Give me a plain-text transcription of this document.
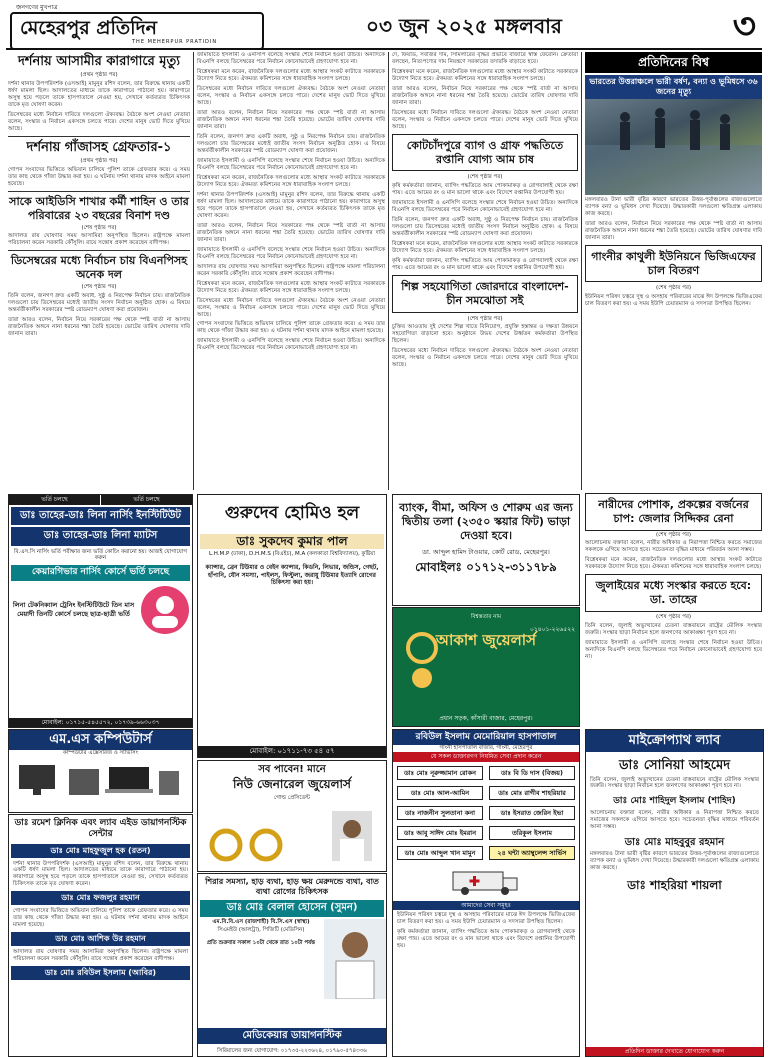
জনগণের মুখপাত্র
মেহেরপুর প্রতিদিন
THE MEHERPUR PRATIDIN
০৩ জুন ২০২৫ মঙ্গলবার	৩
দর্শনায় আসামীর কারাগারে মৃত্যু
(প্রথম পৃষ্ঠার পর)

দর্শনা থানার উপপরিদর্শক (এসআই) মামুনুর রশিদ বলেন, তার বিরুদ্ধে থানায় একটি ধর্ষণ মামলা ছিল। আদালতের মাধ্যমে তাকে কারাগারে পাঠানো হয়। কারাগারে অসুস্থ হয়ে পড়লে তাকে হাসপাতালে নেওয়া হয়, সেখানে কর্তব্যরত চিকিৎসক তাকে মৃত ঘোষণা করেন।

ডিসেম্বরের মধ্যে নির্বাচন দাবিতে দলগুলো ঐক্যবদ্ধ। বৈঠকে অংশ নেওয়া নেতারা বলেন, সংস্কার ও নির্বাচন একসঙ্গে চলতে পারে। দেশের মানুষ ভোট দিতে মুখিয়ে আছে।

দর্শনায় গাঁজাসহ গ্রেফতার-১
(প্রথম পৃষ্ঠার পর)

গোপন সংবাদের ভিত্তিতে অভিযান চালিয়ে পুলিশ তাকে গ্রেফতার করে। এ সময় তার কাছ থেকে গাঁজা উদ্ধার করা হয়। এ ঘটনায় দর্শনা থানায় মাদক আইনে মামলা হয়েছে।

সাকে আইডিসি শাখার কর্মী শাহিন ও তার পরিবারের ২৩ বছরের বিনাশ দণ্ড
(শেষ পৃষ্ঠার পর)

আদালত রায় ঘোষণার সময় আসামিরা অনুপস্থিত ছিলেন। রাষ্ট্রপক্ষে মামলা পরিচালনা করেন সরকারি কৌঁসুলি। রায়ে সন্তোষ প্রকাশ করেছেন বাদীপক্ষ।

ডিসেম্বরের মধ্যে নির্বাচন চায় বিএনপিসহ অনেক দল
(শেষ পৃষ্ঠার পর)

তিনি বলেন, জনগণ দ্রুত একটি অবাধ, সুষ্ঠু ও নিরপেক্ষ নির্বাচন চায়। রাজনৈতিক দলগুলো চায় ডিসেম্বরের মধ্যেই জাতীয় সংসদ নির্বাচন অনুষ্ঠিত হোক। এ বিষয়ে অন্তর্বর্তীকালীন সরকারের স্পষ্ট রোডম্যাপ ঘোষণা করা প্রয়োজন।

তারা আরও বলেন, নির্বাচন নিয়ে সরকারের পক্ষ থেকে স্পষ্ট বার্তা না আসায় রাজনৈতিক অঙ্গনে নানা ধরনের শঙ্কা তৈরি হয়েছে। ভোটের তারিখ ঘোষণার দাবি জানান তারা।

জামায়াতে ইসলামী ও এনসিপি বলেছে সংস্কার শেষে নির্বাচন হওয়া উচিত। অন্যদিকে বিএনপি বলছে ডিসেম্বরের পরে নির্বাচন কোনোভাবেই গ্রহণযোগ্য হবে না।

বিশ্লেষকরা মনে করেন, রাজনৈতিক দলগুলোর মধ্যে আস্থার সংকট কাটাতে সরকারকে উদ্যোগ নিতে হবে। ঐকমত্য কমিশনের সঙ্গে ধারাবাহিক সংলাপ চলছে।

ডিসেম্বরের মধ্যে নির্বাচন দাবিতে দলগুলো ঐক্যবদ্ধ। বৈঠকে অংশ নেওয়া নেতারা বলেন, সংস্কার ও নির্বাচন একসঙ্গে চলতে পারে। দেশের মানুষ ভোট দিতে মুখিয়ে আছে।

তারা আরও বলেন, নির্বাচন নিয়ে সরকারের পক্ষ থেকে স্পষ্ট বার্তা না আসায় রাজনৈতিক অঙ্গনে নানা ধরনের শঙ্কা তৈরি হয়েছে। ভোটের তারিখ ঘোষণার দাবি জানান তারা।

তিনি বলেন, জনগণ দ্রুত একটি অবাধ, সুষ্ঠু ও নিরপেক্ষ নির্বাচন চায়। রাজনৈতিক দলগুলো চায় ডিসেম্বরের মধ্যেই জাতীয় সংসদ নির্বাচন অনুষ্ঠিত হোক। এ বিষয়ে অন্তর্বর্তীকালীন সরকারের স্পষ্ট রোডম্যাপ ঘোষণা করা প্রয়োজন।

জামায়াতে ইসলামী ও এনসিপি বলেছে সংস্কার শেষে নির্বাচন হওয়া উচিত। অন্যদিকে বিএনপি বলছে ডিসেম্বরের পরে নির্বাচন কোনোভাবেই গ্রহণযোগ্য হবে না।

বিশ্লেষকরা মনে করেন, রাজনৈতিক দলগুলোর মধ্যে আস্থার সংকট কাটাতে সরকারকে উদ্যোগ নিতে হবে। ঐকমত্য কমিশনের সঙ্গে ধারাবাহিক সংলাপ চলছে।

দর্শনা থানার উপপরিদর্শক (এসআই) মামুনুর রশিদ বলেন, তার বিরুদ্ধে থানায় একটি ধর্ষণ মামলা ছিল। আদালতের মাধ্যমে তাকে কারাগারে পাঠানো হয়। কারাগারে অসুস্থ হয়ে পড়লে তাকে হাসপাতালে নেওয়া হয়, সেখানে কর্তব্যরত চিকিৎসক তাকে মৃত ঘোষণা করেন।

তারা আরও বলেন, নির্বাচন নিয়ে সরকারের পক্ষ থেকে স্পষ্ট বার্তা না আসায় রাজনৈতিক অঙ্গনে নানা ধরনের শঙ্কা তৈরি হয়েছে। ভোটের তারিখ ঘোষণার দাবি জানান তারা।

জামায়াতে ইসলামী ও এনসিপি বলেছে সংস্কার শেষে নির্বাচন হওয়া উচিত। অন্যদিকে বিএনপি বলছে ডিসেম্বরের পরে নির্বাচন কোনোভাবেই গ্রহণযোগ্য হবে না।

আদালত রায় ঘোষণার সময় আসামিরা অনুপস্থিত ছিলেন। রাষ্ট্রপক্ষে মামলা পরিচালনা করেন সরকারি কৌঁসুলি। রায়ে সন্তোষ প্রকাশ করেছেন বাদীপক্ষ।

বিশ্লেষকরা মনে করেন, রাজনৈতিক দলগুলোর মধ্যে আস্থার সংকট কাটাতে সরকারকে উদ্যোগ নিতে হবে। ঐকমত্য কমিশনের সঙ্গে ধারাবাহিক সংলাপ চলছে।

ডিসেম্বরের মধ্যে নির্বাচন দাবিতে দলগুলো ঐক্যবদ্ধ। বৈঠকে অংশ নেওয়া নেতারা বলেন, সংস্কার ও নির্বাচন একসঙ্গে চলতে পারে। দেশের মানুষ ভোট দিতে মুখিয়ে আছে।

গোপন সংবাদের ভিত্তিতে অভিযান চালিয়ে পুলিশ তাকে গ্রেফতার করে। এ সময় তার কাছ থেকে গাঁজা উদ্ধার করা হয়। এ ঘটনায় দর্শনা থানায় মাদক আইনে মামলা হয়েছে।

জামায়াতে ইসলামী ও এনসিপি বলেছে সংস্কার শেষে নির্বাচন হওয়া উচিত। অন্যদিকে বিএনপি বলছে ডিসেম্বরের পরে নির্বাচন কোনোভাবেই গ্রহণযোগ্য হবে না।

দে, ফিয়াড, সবজির দাম, সিমিলারের বৃদ্ধির প্রভাবে বাজারে স্বস্তি ফেরেনি। ক্রেতারা বলছেন, নিত্যপণ্যের দাম নিয়ন্ত্রণে সরকারের তদারকি বাড়াতে হবে।

বিশ্লেষকরা মনে করেন, রাজনৈতিক দলগুলোর মধ্যে আস্থার সংকট কাটাতে সরকারকে উদ্যোগ নিতে হবে। ঐকমত্য কমিশনের সঙ্গে ধারাবাহিক সংলাপ চলছে।

তারা আরও বলেন, নির্বাচন নিয়ে সরকারের পক্ষ থেকে স্পষ্ট বার্তা না আসায় রাজনৈতিক অঙ্গনে নানা ধরনের শঙ্কা তৈরি হয়েছে। ভোটের তারিখ ঘোষণার দাবি জানান তারা।

ডিসেম্বরের মধ্যে নির্বাচন দাবিতে দলগুলো ঐক্যবদ্ধ। বৈঠকে অংশ নেওয়া নেতারা বলেন, সংস্কার ও নির্বাচন একসঙ্গে চলতে পারে। দেশের মানুষ ভোট দিতে মুখিয়ে আছে।

কোটচাঁদপুরে ব্যাগ ও গ্রাফ পদ্ধতিতে রপ্তানি যোগ্য আম চাষ
(শেষ পৃষ্ঠার পর)

কৃষি কর্মকর্তারা জানান, ব্যাগিং পদ্ধতিতে আম পোকামাকড় ও রোগবালাই থেকে রক্ষা পায়। এতে আমের রং ও মান ভালো থাকে এবং বিদেশে রপ্তানির উপযোগী হয়।

জামায়াতে ইসলামী ও এনসিপি বলেছে সংস্কার শেষে নির্বাচন হওয়া উচিত। অন্যদিকে বিএনপি বলছে ডিসেম্বরের পরে নির্বাচন কোনোভাবেই গ্রহণযোগ্য হবে না।

তিনি বলেন, জনগণ দ্রুত একটি অবাধ, সুষ্ঠু ও নিরপেক্ষ নির্বাচন চায়। রাজনৈতিক দলগুলো চায় ডিসেম্বরের মধ্যেই জাতীয় সংসদ নির্বাচন অনুষ্ঠিত হোক। এ বিষয়ে অন্তর্বর্তীকালীন সরকারের স্পষ্ট রোডম্যাপ ঘোষণা করা প্রয়োজন।

বিশ্লেষকরা মনে করেন, রাজনৈতিক দলগুলোর মধ্যে আস্থার সংকট কাটাতে সরকারকে উদ্যোগ নিতে হবে। ঐকমত্য কমিশনের সঙ্গে ধারাবাহিক সংলাপ চলছে।

কৃষি কর্মকর্তারা জানান, ব্যাগিং পদ্ধতিতে আম পোকামাকড় ও রোগবালাই থেকে রক্ষা পায়। এতে আমের রং ও মান ভালো থাকে এবং বিদেশে রপ্তানির উপযোগী হয়।

শিল্প সহযোগিতা জোরদারে বাংলাদেশ-চীন সমঝোতা সই
(শেষ পৃষ্ঠার পর)

চুক্তির আওতায় দুই দেশের শিল্প খাতে বিনিয়োগ, প্রযুক্তি হস্তান্তর ও দক্ষতা উন্নয়নে সহযোগিতা বাড়ানো হবে। অনুষ্ঠানে উভয় দেশের উর্ধ্বতন কর্মকর্তারা উপস্থিত ছিলেন।

ডিসেম্বরের মধ্যে নির্বাচন দাবিতে দলগুলো ঐক্যবদ্ধ। বৈঠকে অংশ নেওয়া নেতারা বলেন, সংস্কার ও নির্বাচন একসঙ্গে চলতে পারে। দেশের মানুষ ভোট দিতে মুখিয়ে আছে।

প্রতিদিনের বিশ্ব
ভারতের উত্তরাঞ্চলে ভারী বর্ষণ, বন্যা ও ভূমিধসে ৩৬ জনের মৃত্যু

মঙ্গলবারও টানা ভারী বৃষ্টির কারণে ভারতের উত্তর-পূর্বাঞ্চলের রাজ্যগুলোতে ব্যাপক বন্যা ও ভূমিধস দেখা দিয়েছে। উদ্ধারকারী দলগুলো ক্ষতিগ্রস্ত এলাকায় কাজ করছে।

তারা আরও বলেন, নির্বাচন নিয়ে সরকারের পক্ষ থেকে স্পষ্ট বার্তা না আসায় রাজনৈতিক অঙ্গনে নানা ধরনের শঙ্কা তৈরি হয়েছে। ভোটের তারিখ ঘোষণার দাবি জানান তারা।

গাংনীর কাথুলী ইউনিয়নে ভিজিএফের চাল বিতরণ
(শেষ পৃষ্ঠার পর)

ইউনিয়ন পরিষদ চত্বরে দুস্থ ও অসহায় পরিবারের মাঝে ঈদ উপলক্ষে ভিজিএফের চাল বিতরণ করা হয়। এ সময় ইউপি চেয়ারম্যান ও সদস্যরা উপস্থিত ছিলেন।

নারীদের পোশাক, প্রকল্পের বর্জনের চাপ: জেলার সিদ্দিকর রেনা
(শেষ পৃষ্ঠার পর)

আলোচনায় বক্তারা বলেন, নারীর অধিকার ও নিরাপত্তা নিশ্চিত করতে সমাজের সকলকে এগিয়ে আসতে হবে। সচেতনতা বৃদ্ধির মাধ্যমে পরিবর্তন আনা সম্ভব।

বিশ্লেষকরা মনে করেন, রাজনৈতিক দলগুলোর মধ্যে আস্থার সংকট কাটাতে সরকারকে উদ্যোগ নিতে হবে। ঐকমত্য কমিশনের সঙ্গে ধারাবাহিক সংলাপ চলছে।

জুলাইয়ের মধ্যে সংস্কার করতে হবে: ডা. তাহের
(শেষ পৃষ্ঠার পর)

তিনি বলেন, জুলাই অভ্যুত্থানের চেতনা বাস্তবায়নে রাষ্ট্রের মৌলিক সংস্কার জরুরি। সংস্কার ছাড়া নির্বাচন হলে জনগণের আকাঙ্ক্ষা পূরণ হবে না।

জামায়াতে ইসলামী ও এনসিপি বলেছে সংস্কার শেষে নির্বাচন হওয়া উচিত। অন্যদিকে বিএনপি বলছে ডিসেম্বরের পরে নির্বাচন কোনোভাবেই গ্রহণযোগ্য হবে না।

ভর্তি চলছে	ভর্তি চলছে
ডাঃ তাহের-ডাঃ লিনা নার্সিং ইনস্টিটিউট
ডাঃ তাহের-ডাঃ লিনা ম্যাটস
বি.এস.সি নার্সিং ভর্তি পরীক্ষার জন্য ভর্তি কোচিং করানো হয়। আজই যোগাযোগ করুন
কেয়ারগিভার নার্সিং কোর্সে ভর্তি চলছে
লিনা টেকনিক্যাল ট্রেনিং ইনস্টিটিউটে তিন মাস মেয়াদী তিনটি কোর্সে চলছে ছাত্র-ছাত্রী ভর্তি
মোবাইল: ০১৭১৫-৫৪৫৫৭২, ০১৭৩৯-৬৬৩০৩৭
গুরুদেব হোমিও হল
ডাঃ সুকদেব কুমার পাল
L.H.M.P (ঢাকা), D.H.M.S (বিএইচ), M.A (কলকাতা বিশ্ববিদ্যালয়), কুষ্টিয়া
ক্যান্সার, ব্রেন টিউমার ও বেইন ক্যান্সার, কিডনি, লিভার, জন্ডিস, গেছট, হাঁপানি, যৌন সমস্যা, পাইলস, ফিস্টুলা, জরায়ু টিউমার ইত্যাদি রোগের চিকিৎসা করা হয়।
মোবাইল: ০১৭১১-৭৩ ৫৪ ৫৭
ব্যাংক, বীমা, অফিস ও শোরুম এর জন্য দ্বিতীয় তলা (২৩৫০ স্কয়ার ফিট) ভাড়া দেওয়া হবে।
ডা. আব্দুল হামিদ টাওয়ার, কোর্ট রোড, মেহেরপুর।
মোবাইলঃ ০১৭১২-৩১১৭৮৯
বিশ্বস্ততার নাম
আকাশ জুয়েলার্স
০১৪০১-২২৬৫২২
প্রধান সড়ক, কাঁসারী বাজার, মেহেরপুর।
এম.এস কম্পিউটার্স
কম্পিউটার এক্সেসরিজ ও সার্ভিসিং
সব পাবেন! মানে
নিউ জেনারেল জুয়েলার্স
গোল্ড প্রেসিডেন্ট
রবিউল ইসলাম মেমোরিয়াল হাসপাতাল
গাংনী হাসপাতাল বাজার, গাংনী, মেহেরপুর
যে সকল ডাক্তারগণ নিয়মিত সেবা প্রদান করেন
ডাঃ মোঃ নূরুজ্জামান রোকন	ডাঃ বি ডি দাস (বিজয়)
ডাঃ মোঃ আল-আমিন	ডাঃ মোঃ রাগীব শাহরিয়ার
ডাঃ নাজনীন সুলতানা কনা	ডাঃ ইসরাত জেরিন ইভা
ডাঃ আবু সাঈদ মোঃ ইমরান	তরিকুল ইসলাম
ডাঃ মোঃ আব্দুল খান মামুন	২৪ ঘন্টা অ্যাম্বুলেন্স সার্ভিস
আমাদের সেবা সমূহঃ

ইউনিয়ন পরিষদ চত্বরে দুস্থ ও অসহায় পরিবারের মাঝে ঈদ উপলক্ষে ভিজিএফের চাল বিতরণ করা হয়। এ সময় ইউপি চেয়ারম্যান ও সদস্যরা উপস্থিত ছিলেন।

কৃষি কর্মকর্তারা জানান, ব্যাগিং পদ্ধতিতে আম পোকামাকড় ও রোগবালাই থেকে রক্ষা পায়। এতে আমের রং ও মান ভালো থাকে এবং বিদেশে রপ্তানির উপযোগী হয়।

মাইক্রোপ্যাথ ল্যাব
ডাঃ সোনিয়া আহমেদ

তিনি বলেন, জুলাই অভ্যুত্থানের চেতনা বাস্তবায়নে রাষ্ট্রের মৌলিক সংস্কার জরুরি। সংস্কার ছাড়া নির্বাচন হলে জনগণের আকাঙ্ক্ষা পূরণ হবে না।

ডাঃ মোঃ শাহিদুল ইসলাম (শাহিদ)

আলোচনায় বক্তারা বলেন, নারীর অধিকার ও নিরাপত্তা নিশ্চিত করতে সমাজের সকলকে এগিয়ে আসতে হবে। সচেতনতা বৃদ্ধির মাধ্যমে পরিবর্তন আনা সম্ভব।

ডাঃ মোঃ মাহবুবুর রহমান

মঙ্গলবারও টানা ভারী বৃষ্টির কারণে ভারতের উত্তর-পূর্বাঞ্চলের রাজ্যগুলোতে ব্যাপক বন্যা ও ভূমিধস দেখা দিয়েছে। উদ্ধারকারী দলগুলো ক্ষতিগ্রস্ত এলাকায় কাজ করছে।

ডাঃ শাহরিয়া শায়লা
প্রতিদিন ডাক্তার দেখাতে যোগাযোগ করুন
ডাঃ রমেশ ক্লিনিক এবং ল্যাব এইড ডায়াগনস্টিক সেন্টার
ডাঃ মোঃ মাহফুজুল হক (রতন)

দর্শনা থানার উপপরিদর্শক (এসআই) মামুনুর রশিদ বলেন, তার বিরুদ্ধে থানায় একটি ধর্ষণ মামলা ছিল। আদালতের মাধ্যমে তাকে কারাগারে পাঠানো হয়। কারাগারে অসুস্থ হয়ে পড়লে তাকে হাসপাতালে নেওয়া হয়, সেখানে কর্তব্যরত চিকিৎসক তাকে মৃত ঘোষণা করেন।

ডাঃ মোঃ ফজলুর রহমান

গোপন সংবাদের ভিত্তিতে অভিযান চালিয়ে পুলিশ তাকে গ্রেফতার করে। এ সময় তার কাছ থেকে গাঁজা উদ্ধার করা হয়। এ ঘটনায় দর্শনা থানায় মাদক আইনে মামলা হয়েছে।

ডাঃ মোঃ আশিক উর রহমান

আদালত রায় ঘোষণার সময় আসামিরা অনুপস্থিত ছিলেন। রাষ্ট্রপক্ষে মামলা পরিচালনা করেন সরকারি কৌঁসুলি। রায়ে সন্তোষ প্রকাশ করেছেন বাদীপক্ষ।

ডাঃ মোঃ রবিউল ইসলাম (আবির)
শিরার সমস্যা, হাড় ব্যথা, হাড় ক্ষয় মেরুদন্ডে ব্যথা, বাত ব্যথা রোগের চিকিৎসক
ডাঃ মোঃ বেলাল হোসেন (সুমন)
এম.বি.বি.এস (রাজশাহী) বি.সি.এস (স্বাস্থ্য)
সিএমইউ (আলট্রা), পিজিটি (মেডিসিন)
প্রতি শুক্রবার সকাল ১০টা থেকে রাত ১০টা পর্যন্ত
মেডিকেয়ার ডায়াগনস্টিক
সিরিয়ালের জন্য যোগাযোগ: ০১৭৩৫-২২৩৬২৪, ০১৭৯০-৫৭৪৩৩৬
